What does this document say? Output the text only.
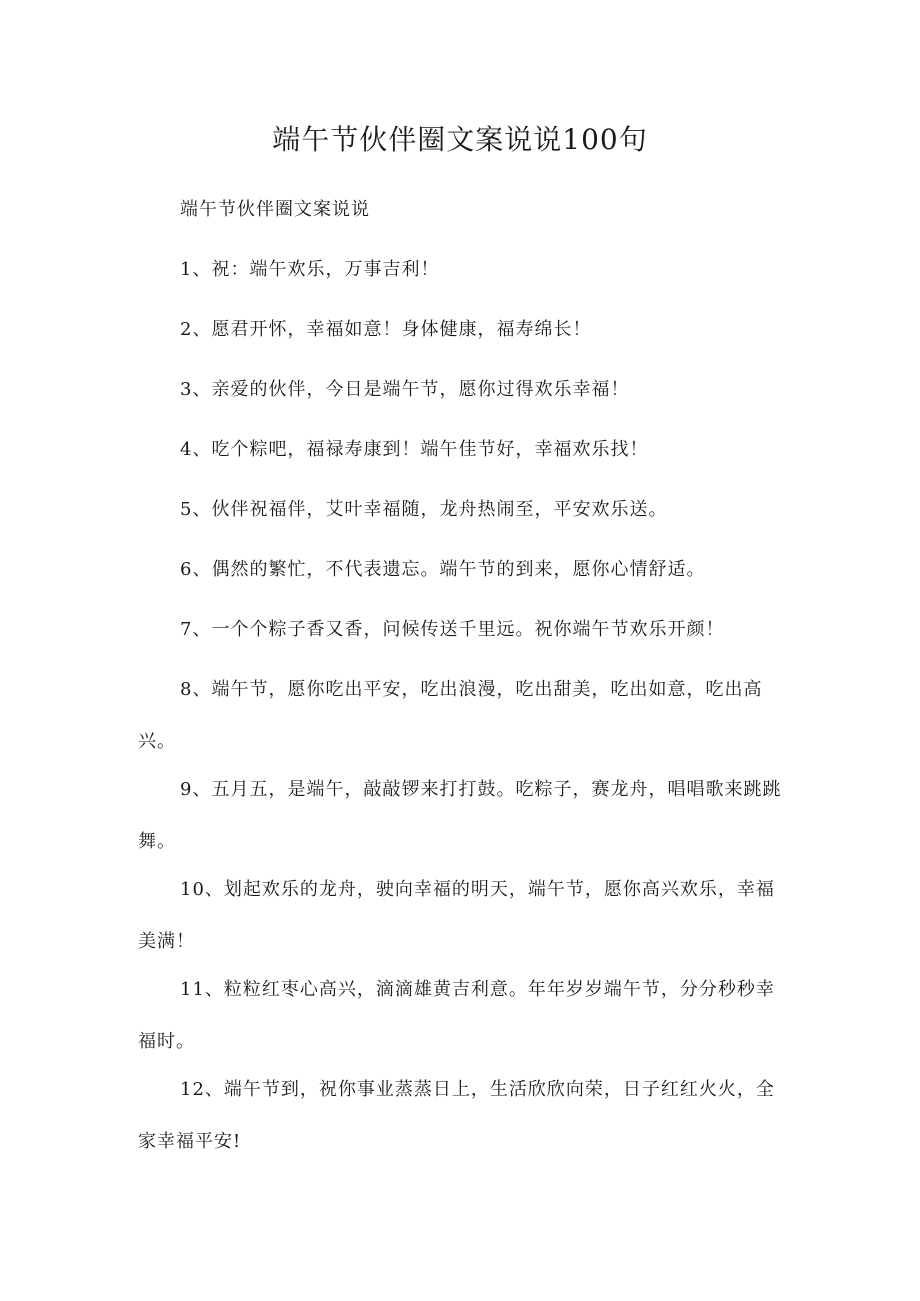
端午节伙伴圈文案说说100句

端午节伙伴圈文案说说

1、祝：端午欢乐，万事吉利！
2、愿君开怀，幸福如意！身体健康，福寿绵长！
3、亲爱的伙伴，今日是端午节，愿你过得欢乐幸福！
4、吃个粽吧，福禄寿康到！端午佳节好，幸福欢乐找！
5、伙伴祝福伴，艾叶幸福随，龙舟热闹至，平安欢乐送。
6、偶然的繁忙，不代表遗忘。端午节的到来，愿你心情舒适。
7、一个个粽子香又香，问候传送千里远。祝你端午节欢乐开颜！
8、端午节，愿你吃出平安，吃出浪漫，吃出甜美，吃出如意，吃出高兴。
9、五月五，是端午，敲敲锣来打打鼓。吃粽子，赛龙舟，唱唱歌来跳跳舞。
10、划起欢乐的龙舟，驶向幸福的明天，端午节，愿你高兴欢乐，幸福美满！
11、粒粒红枣心高兴，滴滴雄黄吉利意。年年岁岁端午节，分分秒秒幸福时。
12、端午节到，祝你事业蒸蒸日上，生活欣欣向荣，日子红红火火，全家幸福平安!
